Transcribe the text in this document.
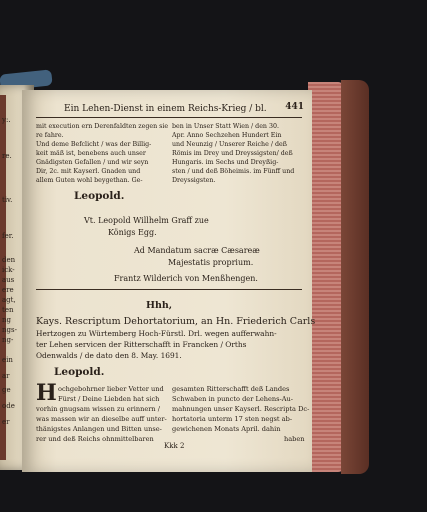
y:.
re.
tiv.
fer.
den
ick-
aus
ere
agt,
ten
ng
ngs-
ng-
ein
ar
ge
ode
er
Ein Lehen-Dienst in einem Reichs-Krieg / bl. 441
mit execution ern Derenfaldten zegen sie
re fahre.
Und deme Befclicht / was der Billig-
keit mäß ist, benebens auch unser
Gnädigsten Gefallen / und wir seyn
Dir, 2c. mit Kayserl. Gnaden und
allem Guten wohl beygethan. Ge-
ben in Unser Statt Wien / den 30.
Apr. Anno Sechzehen Hundert Ein
und Neunzig / Unserer Reiche / deß
Römis im Drey und Dreyssigsten/ deß
Hungaris. im Sechs und Dreyßig-
sten / und deß Böheimis. im Fünff und
Dreyssigsten.
Leopold.
Vt. Leopold Willhelm Graff zue
Königs Egg.
Ad Mandatum sacræ Cæsareæ
Majestatis proprium.
Frantz Wilderich von Menßhengen.
Hhh,
Kays. Rescriptum Dehortatorium, an Hn. Friederich Carls
Hertzogen zu Würtemberg Hoch-Fürstl. Drl. wegen aufferwahn-
ter Lehen servicen der Ritterschafft in Francken / Orths
Odenwalds / de dato den 8. May. 1691.
Leopold.
H ochgebohrner lieber Vetter und
Fürst / Deine Liebden hat sich
vorhin gnugsam wissen zu erinnern /
was massen wir an dieselbe auff unter-
thänigstes Anlangen und Bitten unse-
rer und deß Reichs ohnmittelbaren
gesamten Ritterschafft deß Landes
Schwaben in puncto der Lehens-Au-
mahnungen unser Kayserl. Rescripta Dc-
hortatoria unterm 17 sten negst ab-
gewichenen Monats April. dahin
haben
Kkk 2
